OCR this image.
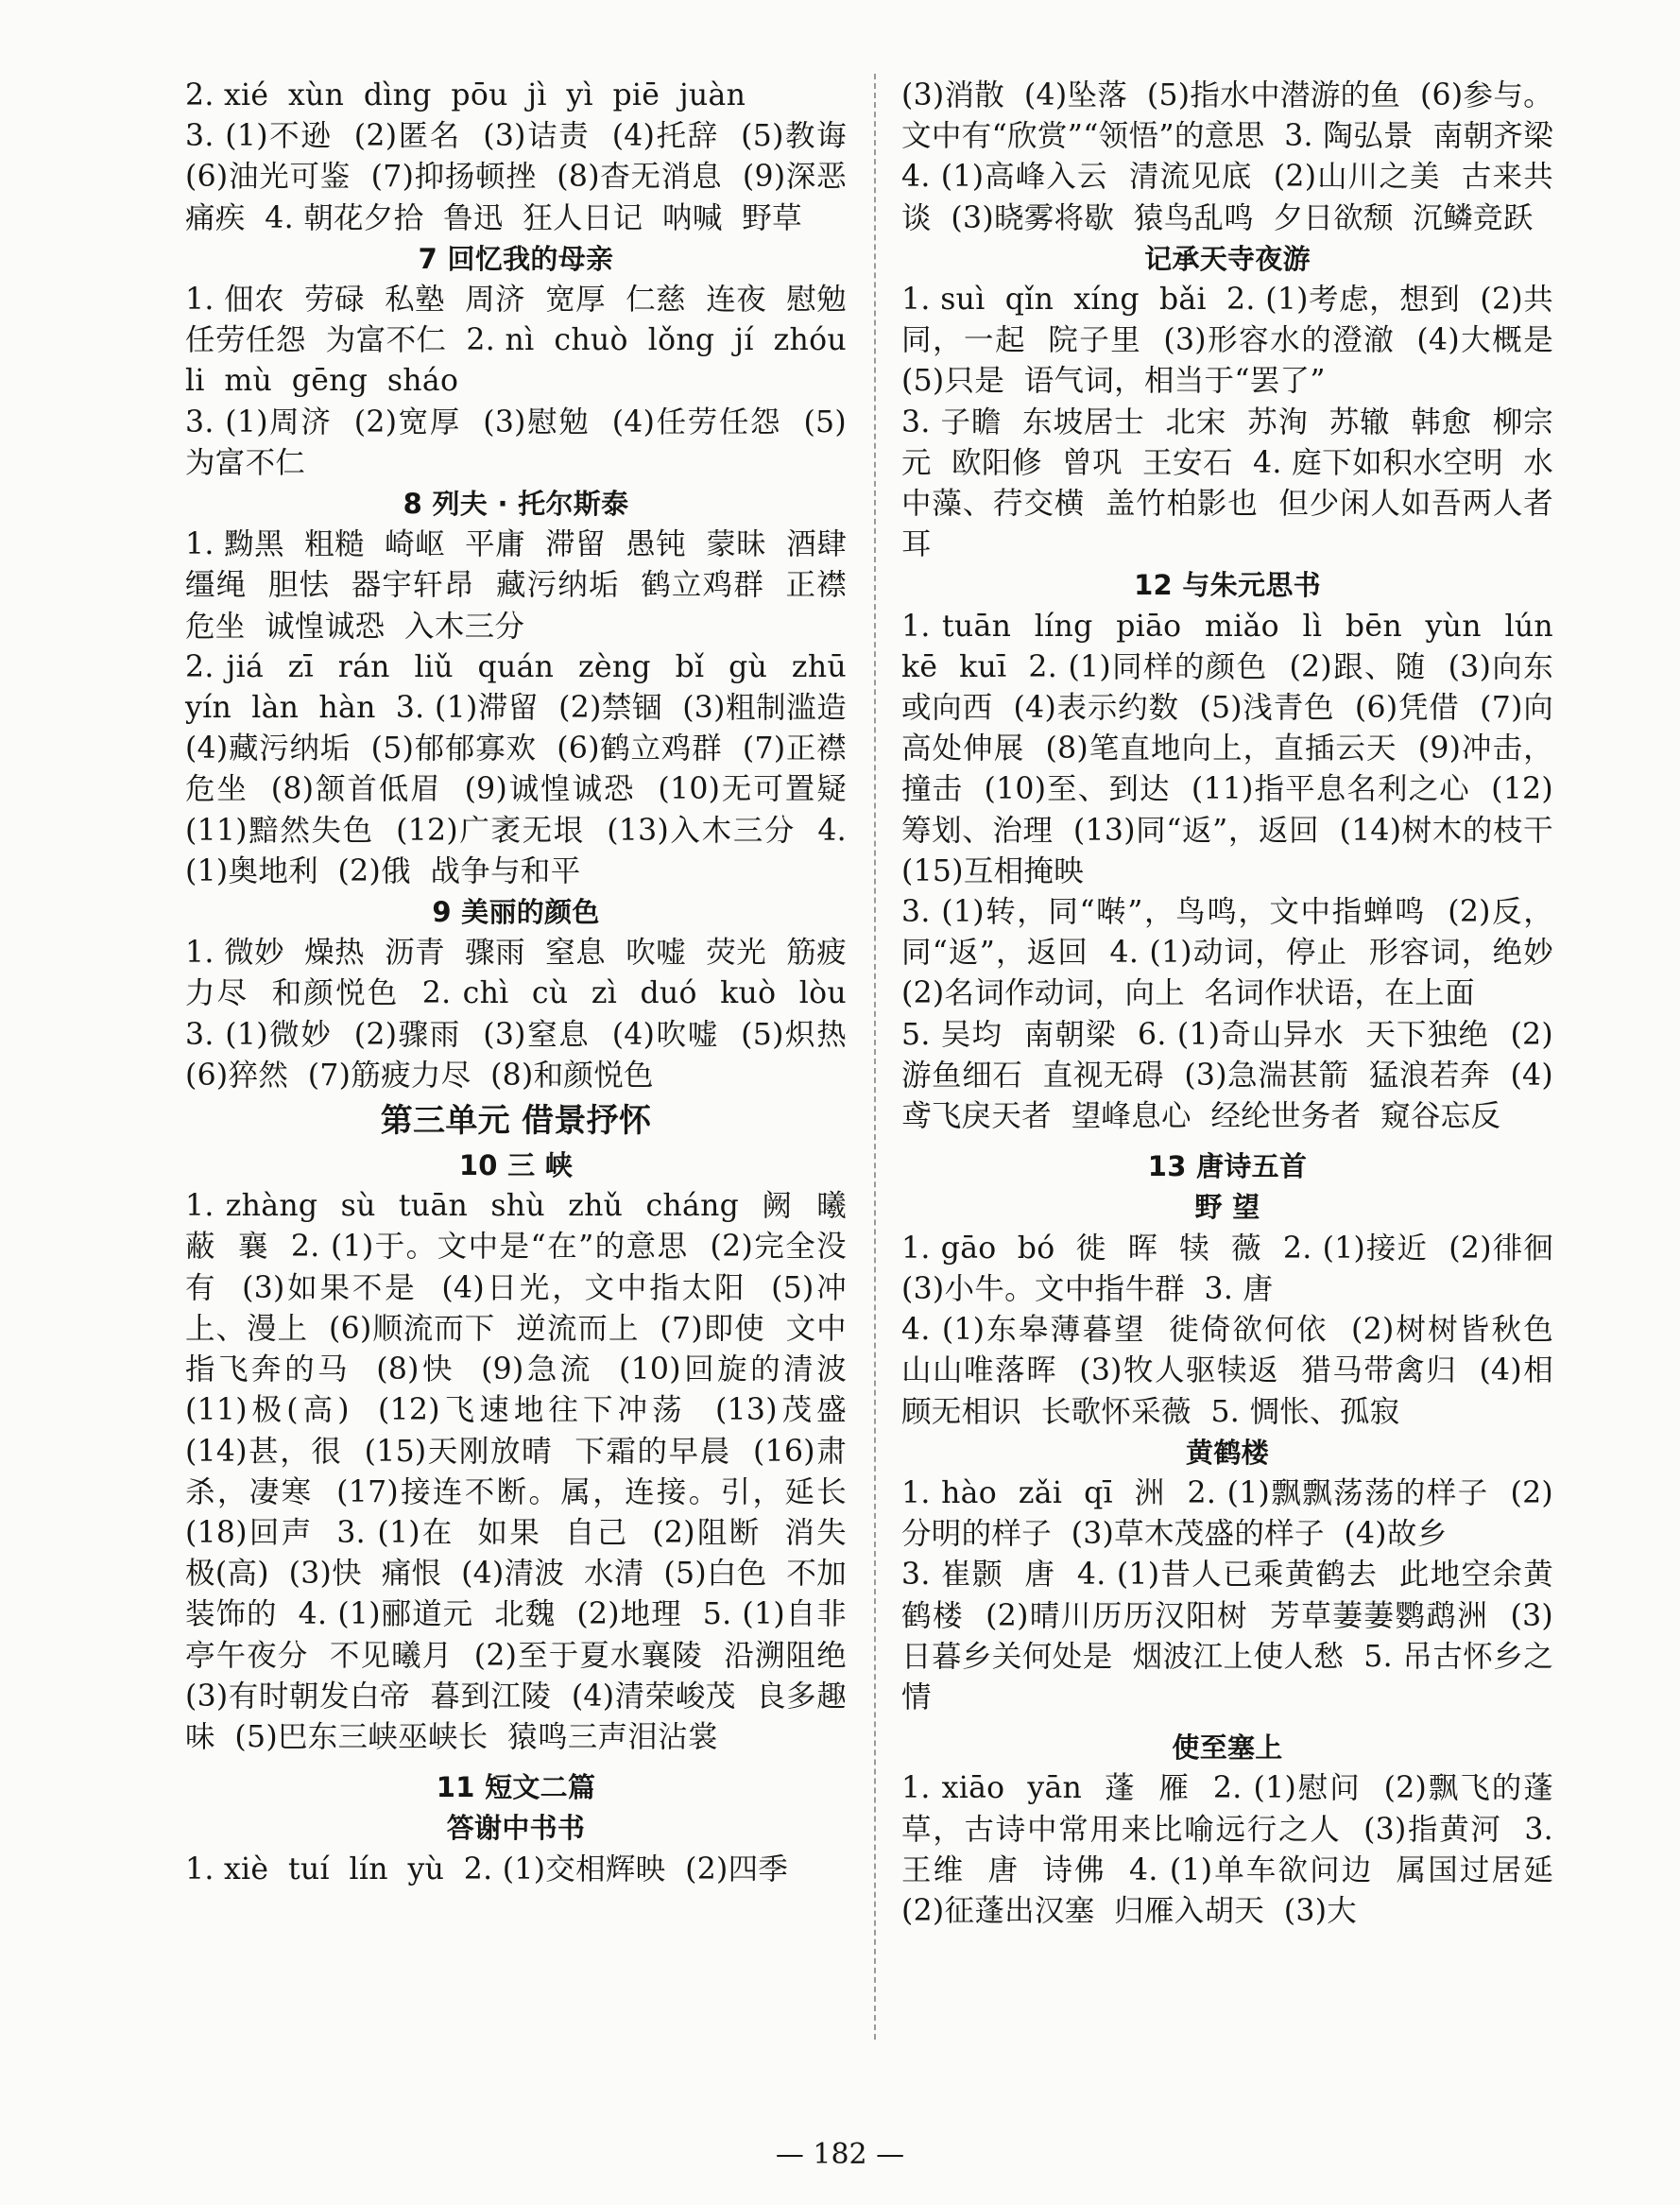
2. xié  xùn  dìng  pōu  jì  yì  piē  juàn
3. (1)不逊  (2)匿名  (3)诘责  (4)托辞  (5)教诲  (6)油光可鉴  (7)抑扬顿挫  (8)杳无消息  (9)深恶痛疾  4. 朝花夕拾  鲁迅  狂人日记  呐喊  野草
7 回忆我的母亲
1. 佃农  劳碌  私塾  周济  宽厚  仁慈  连夜  慰勉  任劳任怨  为富不仁  2. nì  chuò  lǒng  jí  zhóu li  mù  gēng  sháo
3. (1)周济  (2)宽厚  (3)慰勉  (4)任劳任怨  (5)为富不仁
8 列夫 · 托尔斯泰
1. 黝黑  粗糙  崎岖  平庸  滞留  愚钝  蒙昧  酒肆  缰绳  胆怯  器宇轩昂  藏污纳垢  鹤立鸡群  正襟危坐  诚惶诚恐  入木三分
2. jiá  zī  rán  liǔ  quán  zèng  bǐ  gù  zhū  yín  làn  hàn  3. (1)滞留  (2)禁锢  (3)粗制滥造  (4)藏污纳垢  (5)郁郁寡欢  (6)鹤立鸡群  (7)正襟危坐  (8)颔首低眉  (9)诚惶诚恐  (10)无可置疑  (11)黯然失色  (12)广袤无垠  (13)入木三分  4. (1)奥地利  (2)俄  战争与和平
9 美丽的颜色
1. 微妙  燥热  沥青  骤雨  窒息  吹嘘  荧光  筋疲力尽  和颜悦色  2. chì  cù  zì  duó  kuò  lòu  3. (1)微妙  (2)骤雨  (3)窒息  (4)吹嘘  (5)炽热  (6)猝然  (7)筋疲力尽  (8)和颜悦色
第三单元 借景抒怀
10 三 峡
1. zhàng  sù  tuān  shù  zhǔ  cháng  阙  曦  蔽  襄  2. (1)于。文中是“在”的意思  (2)完全没有  (3)如果不是  (4)日光，文中指太阳  (5)冲上、漫上  (6)顺流而下  逆流而上  (7)即使  文中指飞奔的马  (8)快  (9)急流  (10)回旋的清波  (11)极(高)  (12)飞速地往下冲荡  (13)茂盛  (14)甚，很  (15)天刚放晴  下霜的早晨  (16)肃杀，凄寒  (17)接连不断。属，连接。引，延长  (18)回声  3. (1)在  如果  自己  (2)阻断  消失  极(高)  (3)快  痛恨  (4)清波  水清  (5)白色  不加装饰的  4. (1)郦道元  北魏  (2)地理  5. (1)自非亭午夜分  不见曦月  (2)至于夏水襄陵  沿溯阻绝  (3)有时朝发白帝  暮到江陵  (4)清荣峻茂  良多趣味  (5)巴东三峡巫峡长  猿鸣三声泪沾裳
11 短文二篇
答谢中书书
1. xiè  tuí  lín  yù  2. (1)交相辉映  (2)四季
(3)消散  (4)坠落  (5)指水中潜游的鱼  (6)参与。文中有“欣赏”“领悟”的意思  3. 陶弘景  南朝齐梁  4. (1)高峰入云  清流见底  (2)山川之美  古来共谈  (3)晓雾将歇  猿鸟乱鸣  夕日欲颓  沉鳞竞跃
记承天寺夜游
1. suì  qǐn  xíng  bǎi  2. (1)考虑，想到  (2)共同，一起  院子里  (3)形容水的澄澈  (4)大概是  (5)只是  语气词，相当于“罢了”
3. 子瞻  东坡居士  北宋  苏洵  苏辙  韩愈  柳宗元  欧阳修  曾巩  王安石  4. 庭下如积水空明  水中藻、荇交横  盖竹柏影也  但少闲人如吾两人者耳
12 与朱元思书
1. tuān  líng  piāo  miǎo  lì  bēn  yùn  lún  kē  kuī  2. (1)同样的颜色  (2)跟、随  (3)向东或向西  (4)表示约数  (5)浅青色  (6)凭借  (7)向高处伸展  (8)笔直地向上，直插云天  (9)冲击，撞击  (10)至、到达  (11)指平息名利之心  (12)筹划、治理  (13)同“返”，返回  (14)树木的枝干  (15)互相掩映
3. (1)转，同“啭”，鸟鸣，文中指蝉鸣  (2)反，同“返”，返回  4. (1)动词，停止  形容词，绝妙  (2)名词作动词，向上  名词作状语，在上面
5. 吴均  南朝梁  6. (1)奇山异水  天下独绝  (2)游鱼细石  直视无碍  (3)急湍甚箭  猛浪若奔  (4)鸢飞戾天者  望峰息心  经纶世务者  窥谷忘反
13 唐诗五首
野 望
1. gāo  bó  徙  晖  犊  薇  2. (1)接近  (2)徘徊  (3)小牛。文中指牛群  3. 唐
4. (1)东皋薄暮望  徙倚欲何依  (2)树树皆秋色  山山唯落晖  (3)牧人驱犊返  猎马带禽归  (4)相顾无相识  长歌怀采薇  5. 惆怅、孤寂
黄鹤楼
1. hào  zǎi  qī  洲  2. (1)飘飘荡荡的样子  (2)分明的样子  (3)草木茂盛的样子  (4)故乡
3. 崔颢  唐  4. (1)昔人已乘黄鹤去  此地空余黄鹤楼  (2)晴川历历汉阳树  芳草萋萋鹦鹉洲  (3)日暮乡关何处是  烟波江上使人愁  5. 吊古怀乡之情
使至塞上
1. xiāo  yān  蓬  雁  2. (1)慰问  (2)飘飞的蓬草，古诗中常用来比喻远行之人  (3)指黄河  3. 王维  唐  诗佛  4. (1)单车欲问边  属国过居延  (2)征蓬出汉塞  归雁入胡天  (3)大
— 182 —
